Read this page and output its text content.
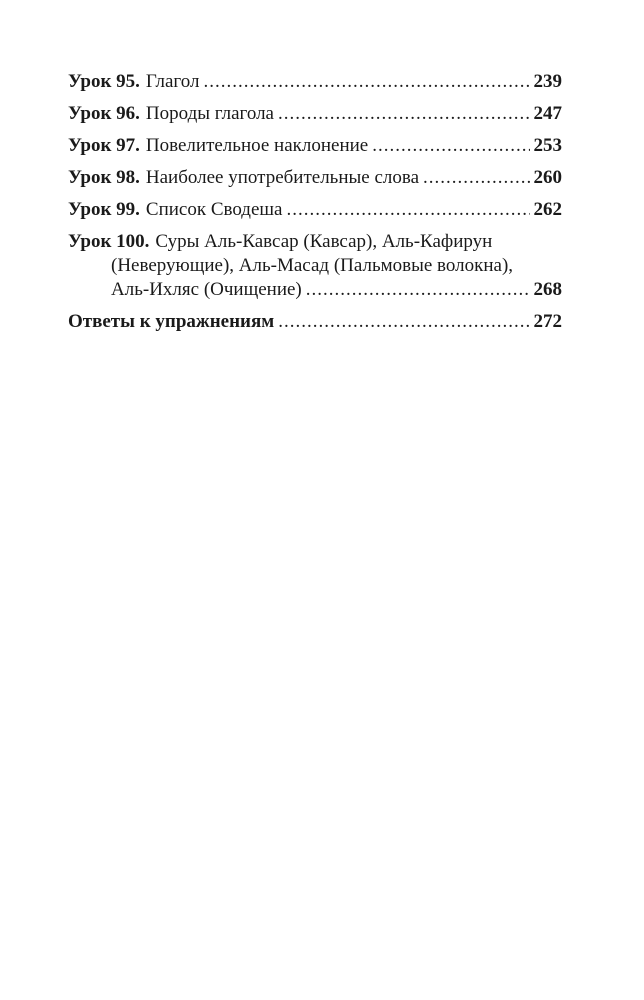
Урок 95. Глагол .....	239
Урок 96. Породы глагола .....	247
Урок 97. Повелительное наклонение .....	253
Урок 98. Наиболее употребительные слова .....	260
Урок 99. Список Сводеша .....	262
Урок 100. Суры Аль-Кавсар (Кавсар), Аль-Кафирун
(Неверующие), Аль-Масад (Пальмовые волокна),
Аль-Ихляс (Очищение) .....	268
Ответы к упражнениям .....	272
